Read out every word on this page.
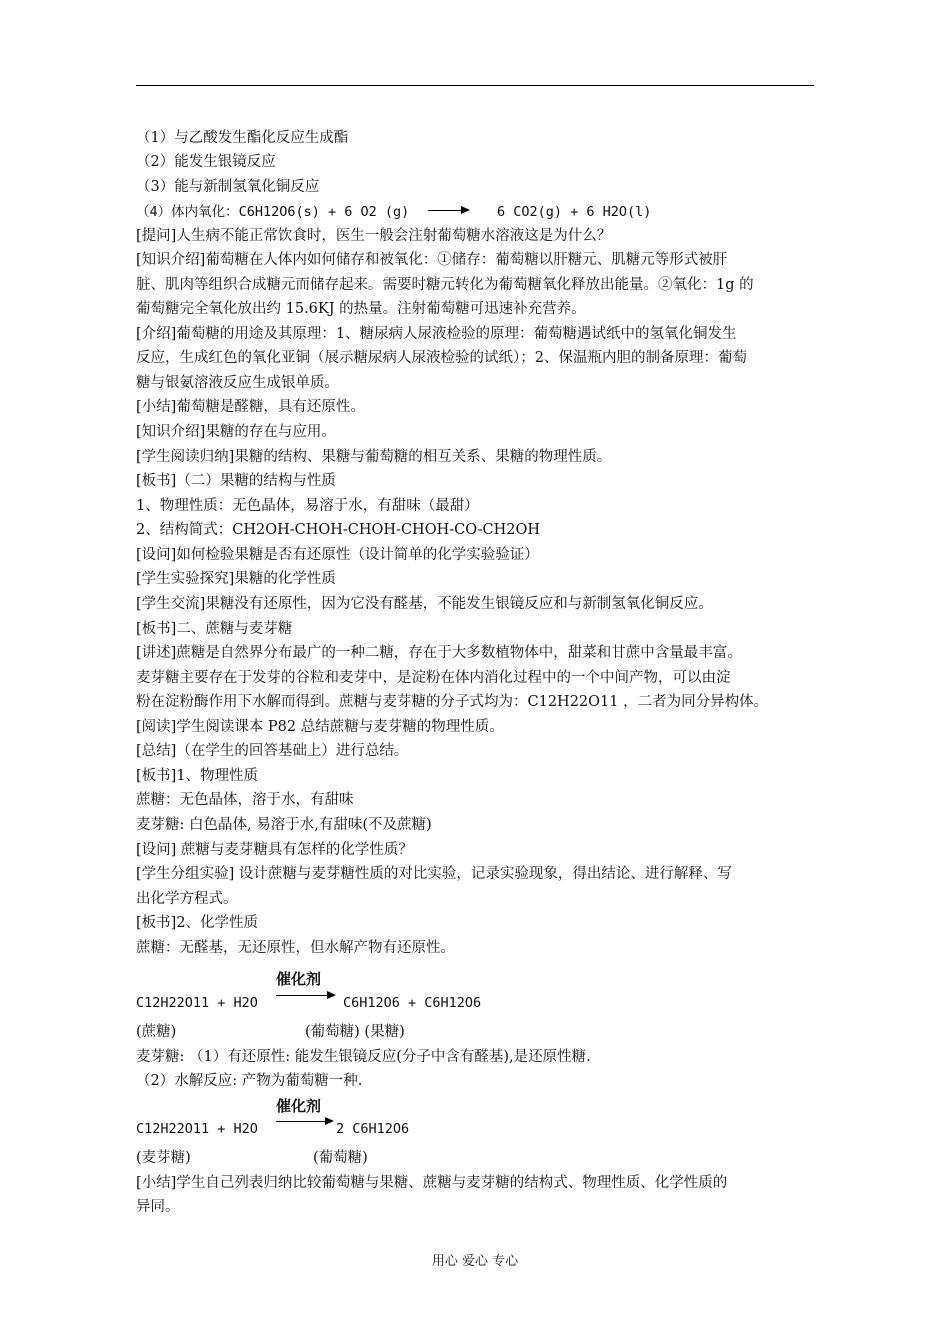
（1）与乙酸发生酯化反应生成酯
（2）能发生银镜反应
（3）能与新制氢氧化铜反应
（4）体内氧化：C6H12O6(s) + 6 O2 (g)	→ 6 CO2(g) + 6 H2O(l)
[提问]人生病不能正常饮食时，医生一般会注射葡萄糖水溶液这是为什么？
[知识介绍]葡萄糖在人体内如何储存和被氧化：①储存：葡萄糖以肝糖元、肌糖元等形式被肝
脏、肌肉等组织合成糖元而储存起来。需要时糖元转化为葡萄糖氧化释放出能量。②氧化：1g 的
葡萄糖完全氧化放出约 15.6KJ 的热量。注射葡萄糖可迅速补充营养。
[介绍]葡萄糖的用途及其原理：1、糖尿病人尿液检验的原理：葡萄糖遇试纸中的氢氧化铜发生
反应，生成红色的氧化亚铜（展示糖尿病人尿液检验的试纸）；2、保温瓶内胆的制备原理：葡萄
糖与银氨溶液反应生成银单质。
[小结]葡萄糖是醛糖，具有还原性。
[知识介绍]果糖的存在与应用。
[学生阅读归纳]果糖的结构、果糖与葡萄糖的相互关系、果糖的物理性质。
[板书]（二）果糖的结构与性质
1、物理性质：无色晶体，易溶于水，有甜味（最甜）
2、结构简式：CH2OH-CHOH-CHOH-CHOH-CO-CH2OH
[设问]如何检验果糖是否有还原性（设计简单的化学实验验证）
[学生实验探究]果糖的化学性质
[学生交流]果糖没有还原性，因为它没有醛基，不能发生银镜反应和与新制氢氧化铜反应。
[板书]二、蔗糖与麦芽糖
[讲述]蔗糖是自然界分布最广的一种二糖，存在于大多数植物体中，甜菜和甘蔗中含量最丰富。
麦芽糖主要存在于发芽的谷粒和麦芽中，是淀粉在体内消化过程中的一个中间产物，可以由淀
粉在淀粉酶作用下水解而得到。蔗糖与麦芽糖的分子式均为：C12H22O11 ，二者为同分异构体。
[阅读]学生阅读课本 P82 总结蔗糖与麦芽糖的物理性质。
[总结]（在学生的回答基础上）进行总结。
[板书]1、物理性质
蔗糖：无色晶体，溶于水，有甜味
麦芽糖: 白色晶体, 易溶于水,有甜味(不及蔗糖)
[设问] 蔗糖与麦芽糖具有怎样的化学性质？
[学生分组实验] 设计蔗糖与麦芽糖性质的对比实验，记录实验现象，得出结论、进行解释、写
出化学方程式。
[板书]2、化学性质
蔗糖：无醛基，无还原性，但水解产物有还原性。
催化剂
C12H22O11 + H2O	→ C6H12O6 + C6H12O6
(蔗糖)	(葡萄糖) (果糖)
麦芽糖: （1）有还原性: 能发生银镜反应(分子中含有醛基),是还原性糖.
（2）水解反应: 产物为葡萄糖一种.
催化剂
C12H22O11 + H2O	→ 2 C6H12O6
(麦芽糖)	(葡萄糖)
[小结]学生自己列表归纳比较葡萄糖与果糖、蔗糖与麦芽糖的结构式、物理性质、化学性质的
异同。
用心 爱心 专心
